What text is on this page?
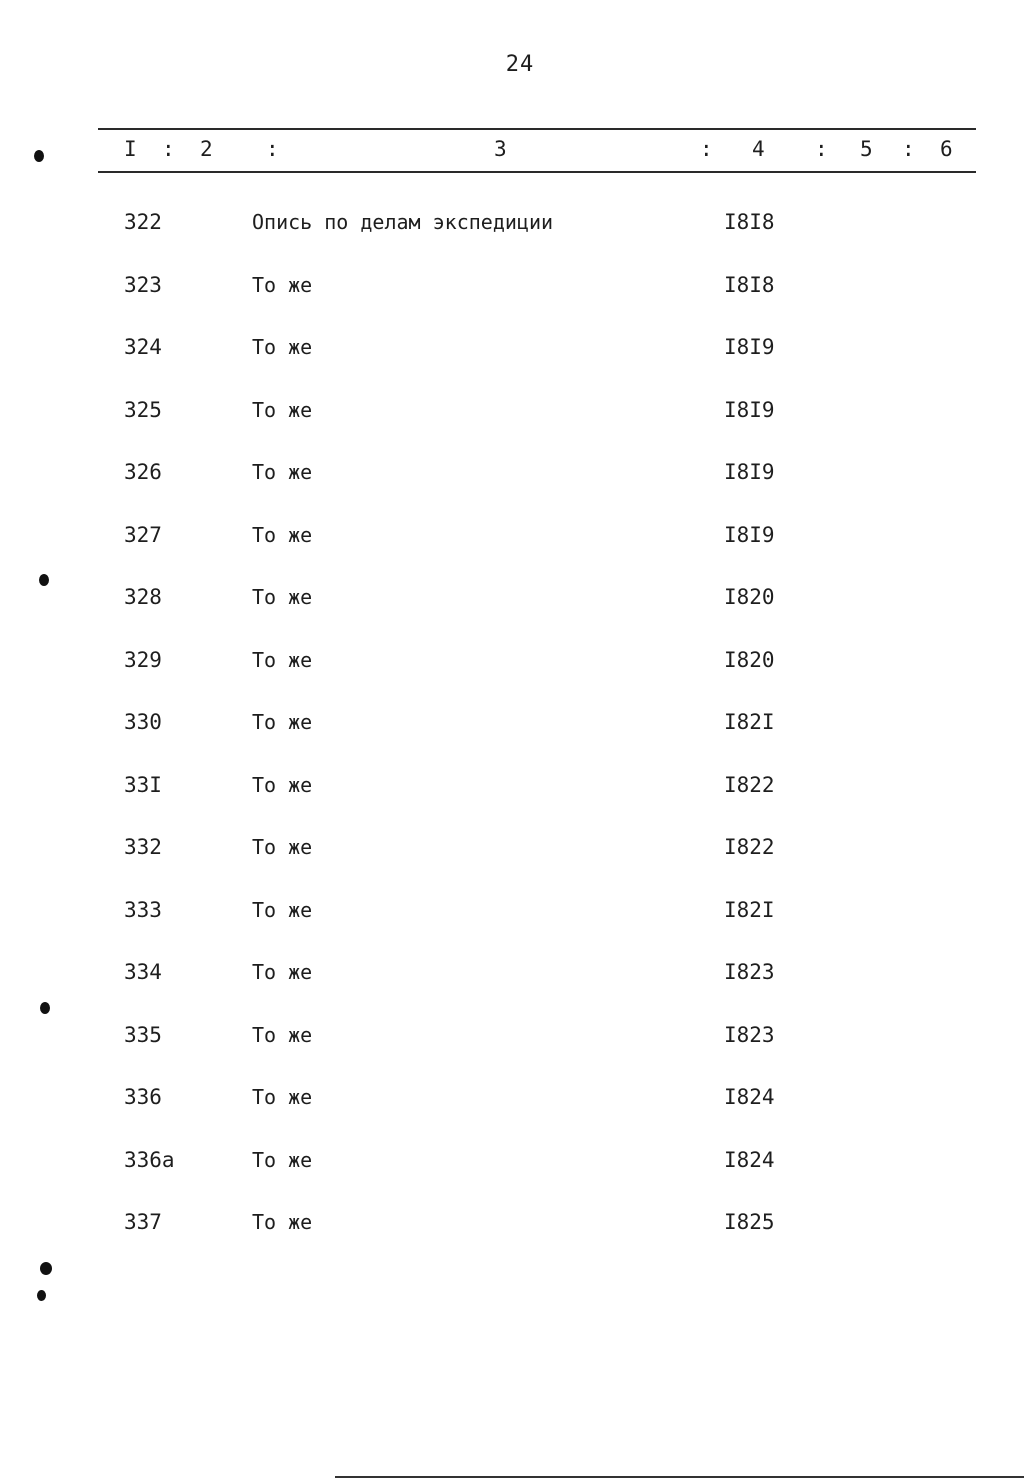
24
I : 2	:	3	: 4 : 5 : 6
322	Опись по делам экспедиции	I8I8
323	То же	I8I8
324	То же	I8I9
325	То же	I8I9
326	То же	I8I9
327	То же	I8I9
328	То же	I820
329	То же	I820
330	То же	I82I
33I	То же	I822
332	То же	I822
333	То же	I82I
334	То же	I823
335	То же	I823
336	То же	I824
336а	То же	I824
337	То же	I825
